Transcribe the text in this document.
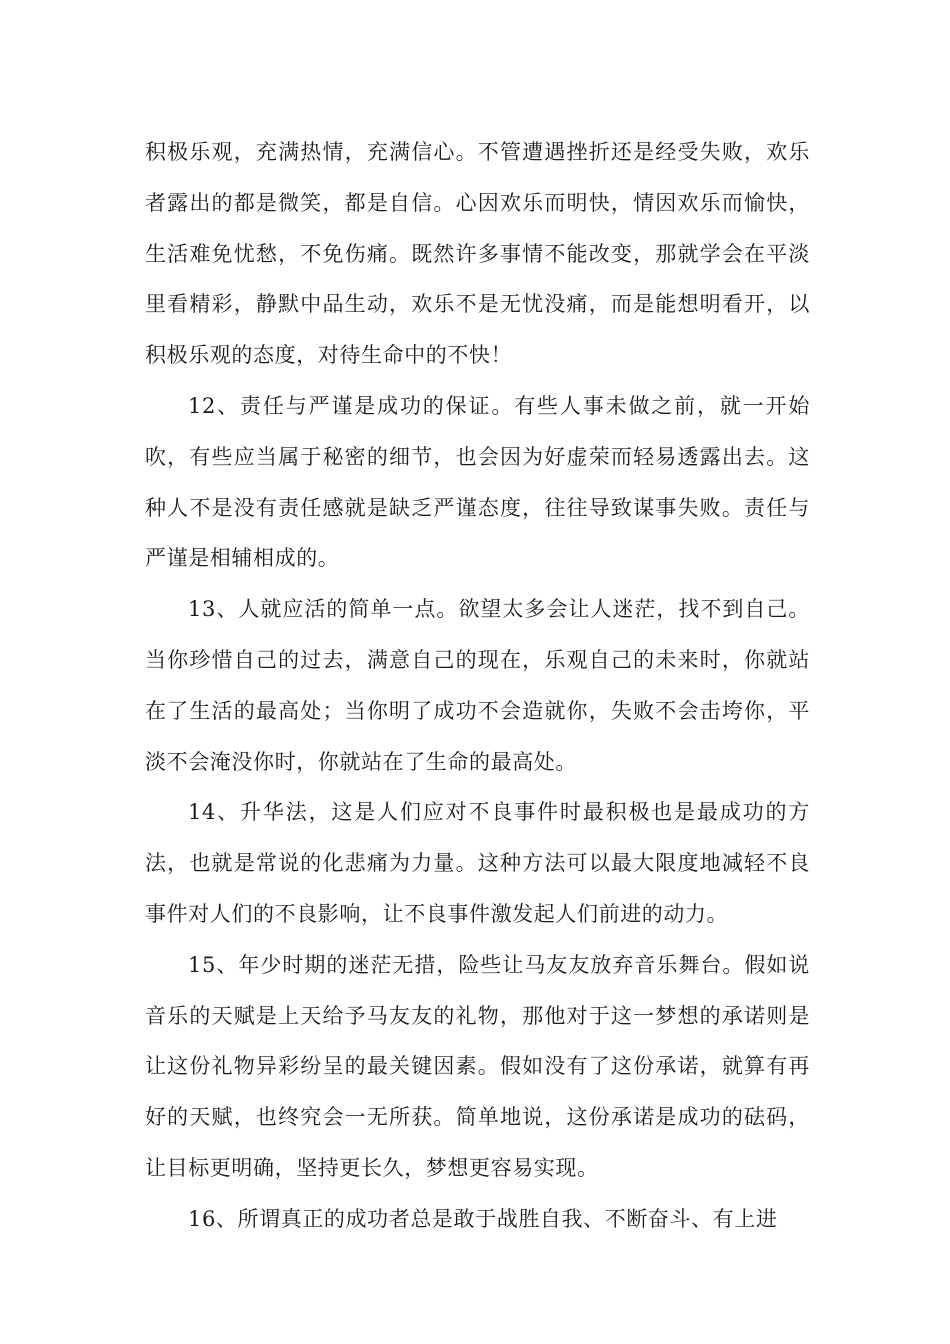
积极乐观，充满热情，充满信心。不管遭遇挫折还是经受失败，欢乐者露出的都是微笑，都是自信。心因欢乐而明快，情因欢乐而愉快，生活难免忧愁，不免伤痛。既然许多事情不能改变，那就学会在平淡里看精彩，静默中品生动，欢乐不是无忧没痛，而是能想明看开，以积极乐观的态度，对待生命中的不快！

12、责任与严谨是成功的保证。有些人事未做之前，就一开始吹，有些应当属于秘密的细节，也会因为好虚荣而轻易透露出去。这种人不是没有责任感就是缺乏严谨态度，往往导致谋事失败。责任与严谨是相辅相成的。

13、人就应活的简单一点。欲望太多会让人迷茫，找不到自己。当你珍惜自己的过去，满意自己的现在，乐观自己的未来时，你就站在了生活的最高处；当你明了成功不会造就你，失败不会击垮你，平淡不会淹没你时，你就站在了生命的最高处。

14、升华法，这是人们应对不良事件时最积极也是最成功的方法，也就是常说的化悲痛为力量。这种方法可以最大限度地减轻不良事件对人们的不良影响，让不良事件激发起人们前进的动力。

15、年少时期的迷茫无措，险些让马友友放弃音乐舞台。假如说音乐的天赋是上天给予马友友的礼物，那他对于这一梦想的承诺则是让这份礼物异彩纷呈的最关键因素。假如没有了这份承诺，就算有再好的天赋，也终究会一无所获。简单地说，这份承诺是成功的砝码，让目标更明确，坚持更长久，梦想更容易实现。

16、所谓真正的成功者总是敢于战胜自我、不断奋斗、有上进
